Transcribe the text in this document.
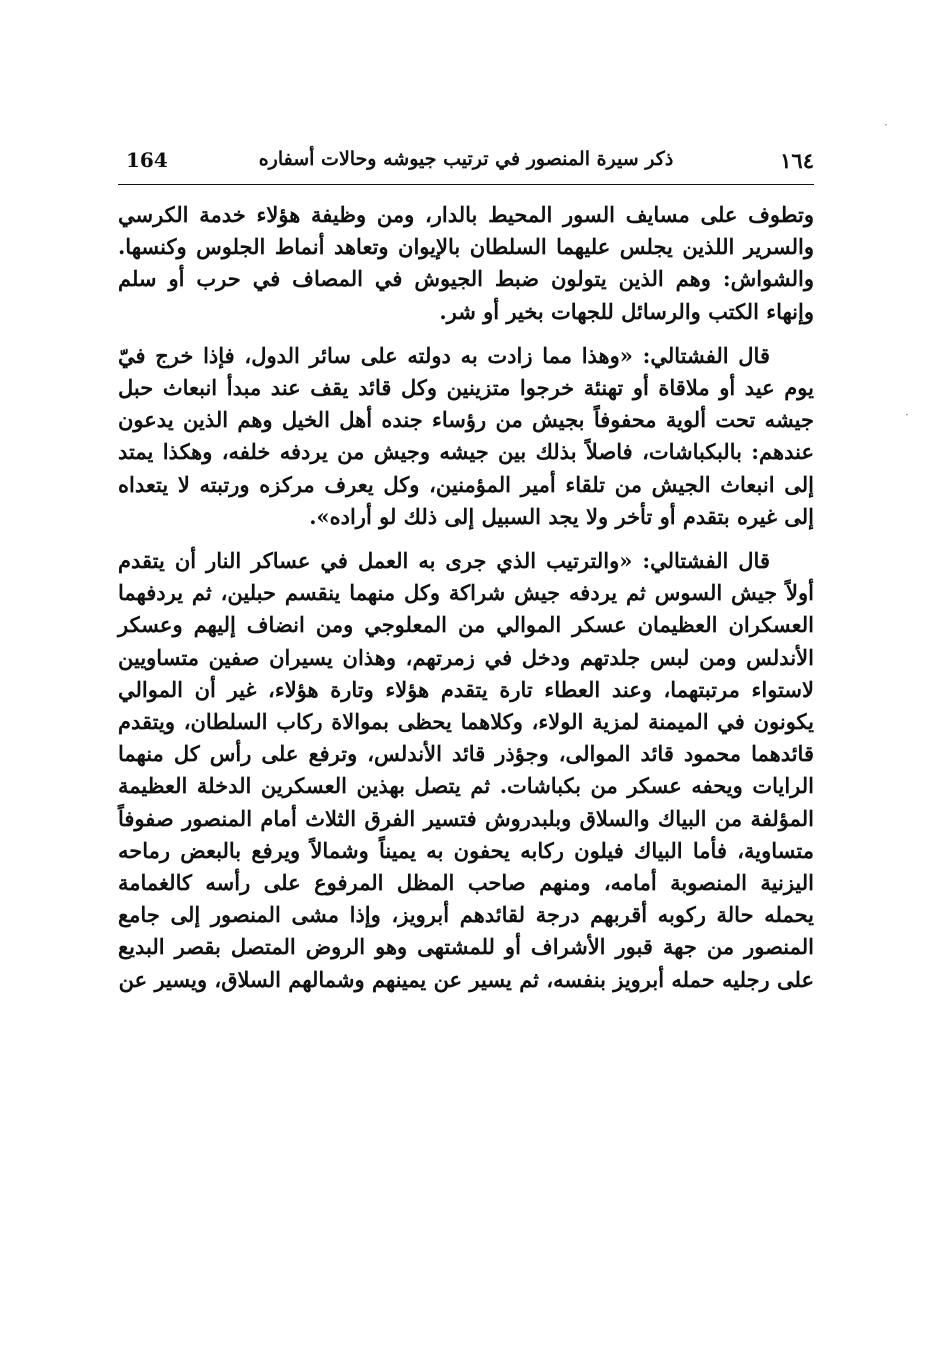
١٦٤
ذكر سيرة المنصور في ترتيب جيوشه وحالات أسفاره
164

وتطوف على مسايف السور المحيط بالدار، ومن وظيفة هؤلاء خدمة الكرسي والسرير اللذين يجلس عليهما السلطان بالإيوان وتعاهد أنماط الجلوس وكنسها. والشواش: وهم الذين يتولون ضبط الجيوش في المصاف في حرب أو سلم وإنهاء الكتب والرسائل للجهات بخير أو شر.

قال الفشتالي: «وهذا مما زادت به دولته على سائر الدول، فإذا خرج فيّ يوم عيد أو ملاقاة أو تهنئة خرجوا متزينين وكل قائد يقف عند مبدأ انبعاث حبل جيشه تحت ألوية محفوفاً بجيش من رؤساء جنده أهل الخيل وهم الذين يدعون عندهم: بالبكباشات، فاصلاً بذلك بين جيشه وجيش من يردفه خلفه، وهكذا يمتد إلى انبعاث الجيش من تلقاء أمير المؤمنين، وكل يعرف مركزه ورتبته لا يتعداه إلى غيره بتقدم أو تأخر ولا يجد السبيل إلى ذلك لو أراده».

قال الفشتالي: «والترتيب الذي جرى به العمل في عساكر النار أن يتقدم أولاً جيش السوس ثم يردفه جيش شراكة وكل منهما ينقسم حبلين، ثم يردفهما العسكران العظيمان عسكر الموالي من المعلوجي ومن انضاف إليهم وعسكر الأندلس ومن لبس جلدتهم ودخل في زمرتهم، وهذان يسيران صفين متساويين لاستواء مرتبتهما، وعند العطاء تارة يتقدم هؤلاء وتارة هؤلاء، غير أن الموالي يكونون في الميمنة لمزية الولاء، وكلاهما يحظى بموالاة ركاب السلطان، ويتقدم قائدهما محمود قائد الموالى، وجؤذر قائد الأندلس، وترفع على رأس كل منهما الرايات ويحفه عسكر من بكباشات. ثم يتصل بهذين العسكرين الدخلة العظيمة المؤلفة من البياك والسلاق وبلبدروش فتسير الفرق الثلاث أمام المنصور صفوفاً متساوية، فأما البياك فيلون ركابه يحفون به يميناً وشمالاً ويرفع بالبعض رماحه اليزنية المنصوبة أمامه، ومنهم صاحب المظل المرفوع على رأسه كالغمامة يحمله حالة ركوبه أقربهم درجة لقائدهم أبرويز، وإذا مشى المنصور إلى جامع المنصور من جهة قبور الأشراف أو للمشتهى وهو الروض المتصل بقصر البديع على رجليه حمله أبرويز بنفسه، ثم يسير عن يمينهم وشمالهم السلاق، ويسير عن

·
·
